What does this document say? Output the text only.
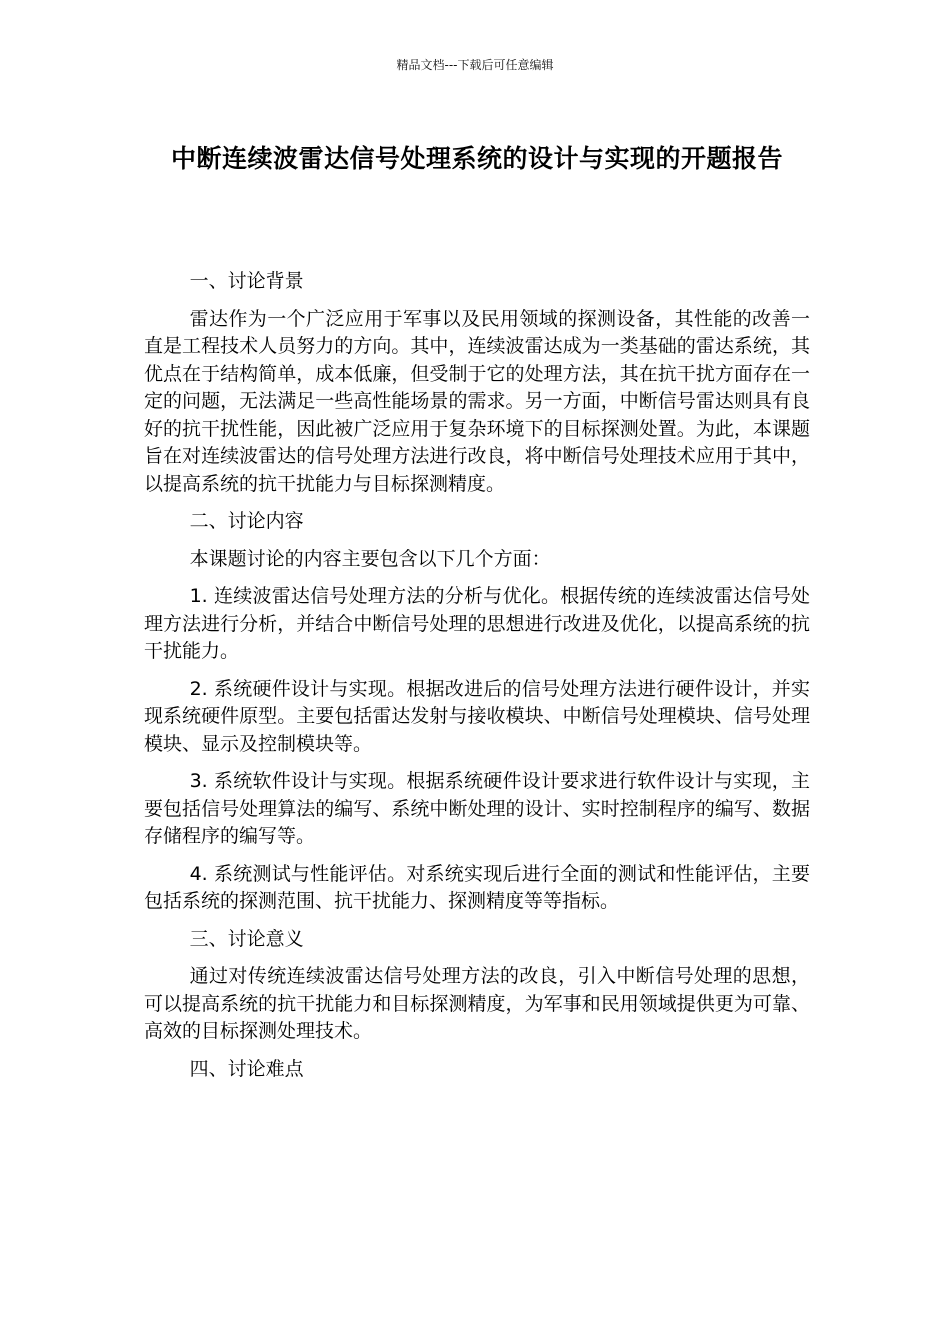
精品文档---下载后可任意编辑
中断连续波雷达信号处理系统的设计与实现的开题报告

一、讨论背景

雷达作为一个广泛应用于军事以及民用领域的探测设备，其性能的改善一直是工程技术人员努力的方向。其中，连续波雷达成为一类基础的雷达系统，其优点在于结构简单，成本低廉，但受制于它的处理方法，其在抗干扰方面存在一定的问题，无法满足一些高性能场景的需求。另一方面，中断信号雷达则具有良好的抗干扰性能，因此被广泛应用于复杂环境下的目标探测处置。为此，本课题旨在对连续波雷达的信号处理方法进行改良，将中断信号处理技术应用于其中，以提高系统的抗干扰能力与目标探测精度。

二、讨论内容

本课题讨论的内容主要包含以下几个方面：

1. 连续波雷达信号处理方法的分析与优化。根据传统的连续波雷达信号处理方法进行分析，并结合中断信号处理的思想进行改进及优化，以提高系统的抗干扰能力。

2. 系统硬件设计与实现。根据改进后的信号处理方法进行硬件设计，并实现系统硬件原型。主要包括雷达发射与接收模块、中断信号处理模块、信号处理模块、显示及控制模块等。

3. 系统软件设计与实现。根据系统硬件设计要求进行软件设计与实现，主要包括信号处理算法的编写、系统中断处理的设计、实时控制程序的编写、数据存储程序的编写等。

4. 系统测试与性能评估。对系统实现后进行全面的测试和性能评估，主要包括系统的探测范围、抗干扰能力、探测精度等等指标。

三、讨论意义

通过对传统连续波雷达信号处理方法的改良，引入中断信号处理的思想，可以提高系统的抗干扰能力和目标探测精度，为军事和民用领域提供更为可靠、高效的目标探测处理技术。

四、讨论难点
